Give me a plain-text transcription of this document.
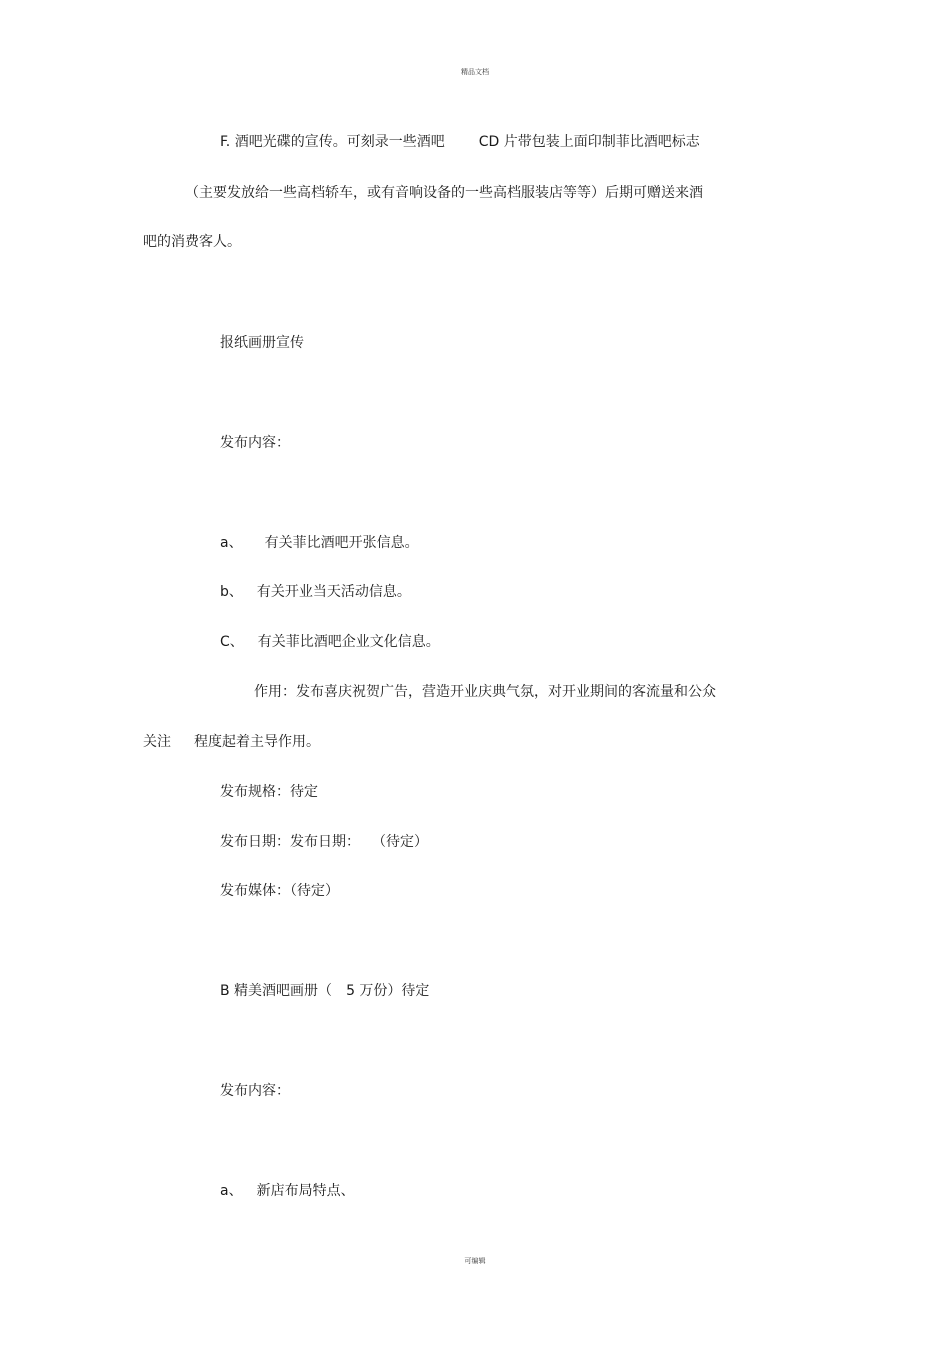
精品文档
F. 酒吧光碟的宣传。可刻录一些酒吧 CD 片带包装上面印制菲比酒吧标志
（主要发放给一些高档轿车，或有音响设备的一些高档服装店等等）后期可赠送来酒
吧的消费客人。
报纸画册宣传
发布内容：
a、 有关菲比酒吧开张信息。
b、 有关开业当天活动信息。
C、 有关菲比酒吧企业文化信息。
作用：发布喜庆祝贺广告，营造开业庆典气氛，对开业期间的客流量和公众
关注 程度起着主导作用。
发布规格：待定
发布日期：发布日期： （待定）
发布媒体：（待定）
B 精美酒吧画册（ 5 万份）待定
发布内容：
a、 新店布局特点、
可编辑
